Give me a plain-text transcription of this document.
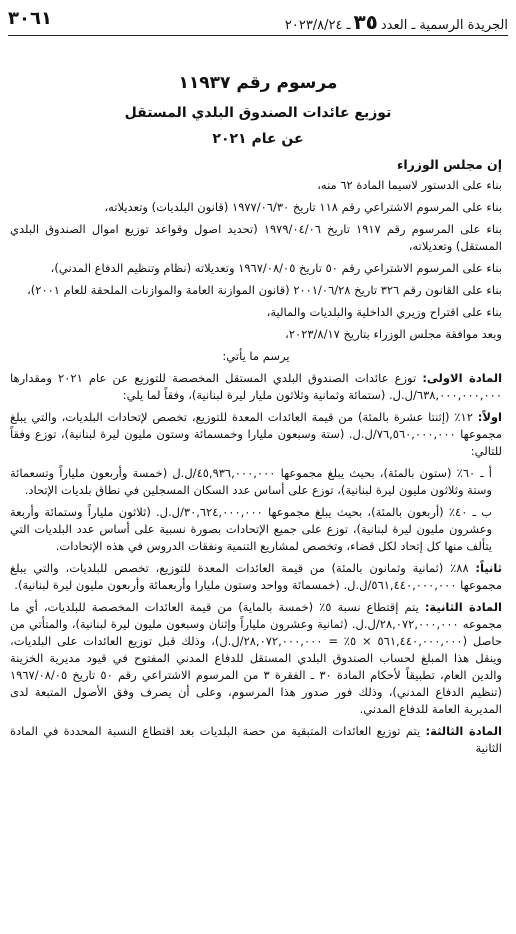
الجريدة الرسمية ـ العدد٣٥ـ ٢٠٢٣/٨/٢٤
٣٠٦١
مرسوم رقم ١١٩٣٧
توزيع عائدات الصندوق البلدي المستقل
عن عام ٢٠٢١

إن مجلس الوزراء

بناء على الدستور لاسيما المادة ٦٢ منه،

بناء على المرسوم الاشتراعي رقم ١١٨ تاريخ ١٩٧٧/٠٦/٣٠ (قانون البلديات) وتعديلاته،

بناء على المرسوم رقم ١٩١٧ تاريخ ١٩٧٩/٠٤/٠٦ (تحديد اصول وقواعد توزيع اموال الصندوق البلدي المستقل) وتعديلاته،

بناء على المرسوم الاشتراعي رقم ٥٠ تاريخ ١٩٦٧/٠٨/٠٥ وتعديلاته (نظام وتنظيم الدفاع المدني)،

بناء على القانون رقم ٣٢٦ تاريخ ٢٠٠١/٠٦/٢٨ (قانون الموازنة العامة والموازنات الملحقة للعام ٢٠٠١)،

بناء على اقتراح وزيري الداخلية والبلديات والمالية،

وبعد موافقة مجلس الوزراء بتاريخ ٢٠٢٣/٨/١٧،

يرسم ما يأتي:

المادة الاولى: توزع عائدات الصندوق البلدي المستقل المخصصة للتوزيع عن عام ٢٠٢١ ومقدارها ٦٣٨,٠٠٠,٠٠٠,٠٠٠/ل.ل. (ستمائة وثمانية وثلاثون مليار ليرة لبنانية)، وفقاً لما يلي:

اولاً: ١٢٪ (إثنتا عشرة بالمئة) من قيمة العائدات المعدة للتوزيع، تخصص لإتحادات البلديات، والتي يبلغ مجموعها ٧٦,٥٦٠,٠٠٠,٠٠٠/ل.ل. (ستة وسبعون مليارا وخمسمائة وستون مليون ليرة لبنانية)، توزع وفقاً للتالي:

أ ـ ٦٠٪ (ستون بالمئة)، بحيث يبلغ مجموعها ٤٥,٩٣٦,٠٠٠,٠٠٠/ل.ل (خمسة وأربعون ملياراً وتسعمائة وستة وثلاثون مليون ليرة لبنانية)، توزع على أساس عدد السكان المسجلين في نطاق بلديات الإتحاد.

ب ـ ٤٠٪ (أربعون بالمئة)، بحيث يبلغ مجموعها ٣٠,٦٢٤,٠٠٠,٠٠٠/ل.ل. (ثلاثون ملياراً وستمائة وأربعة وعشرون مليون ليرة لبنانية)، توزع على جميع الإتحادات بصورة نسبية على أساس عدد البلديات التي يتألف منها كل إتحاد لكل قضاء، وتخصص لمشاريع التنمية ونفقات الدروس في هذه الإتحادات.

ثانياً: ٨٨٪ (ثمانية وثمانون بالمئة) من قيمة العائدات المعدة للتوزيع، تخصص للبلديات، والتي يبلغ مجموعها ٥٦١,٤٤٠,٠٠٠,٠٠٠/ل.ل. (خمسمائة وواحد وستون مليارا وأربعمائة وأربعون مليون ليرة لبنانية).

المادة الثانية: يتم إقتطاع نسبة ٥٪ (خمسة بالماية) من قيمة العائدات المخصصة للبلديات، أي ما مجموعه ٢٨,٠٧٢,٠٠٠,٠٠٠/ل.ل. (ثمانية وعشرون ملياراً وإثنان وسبعون مليون ليرة لبنانية)، والمتأتي من حاصل (٥٦١,٤٤٠,٠٠٠,٠٠٠ × ٥٪ = ٢٨,٠٧٢,٠٠٠,٠٠٠/ل.ل)، وذلك قبل توزيع العائدات على البلديات، وينقل هذا المبلغ لحساب الصندوق البلدي المستقل للدفاع المدني المفتوح في قيود مديرية الخزينة والدين العام، تطبيقاً لأحكام المادة ٣٠ ـ الفقرة ٣ من المرسوم الاشتراعي رقم ٥٠ تاريخ ١٩٦٧/٠٨/٠٥ (تنظيم الدفاع المدني)، وذلك فور صدور هذا المرسوم، وعلى أن يصرف وفق الأصول المتبعة لدى المديرية العامة للدفاع المدني.

المادة الثالثة: يتم توزيع العائدات المتبقية من حصة البلديات بعد اقتطاع النسبة المحددة في المادة الثانية
